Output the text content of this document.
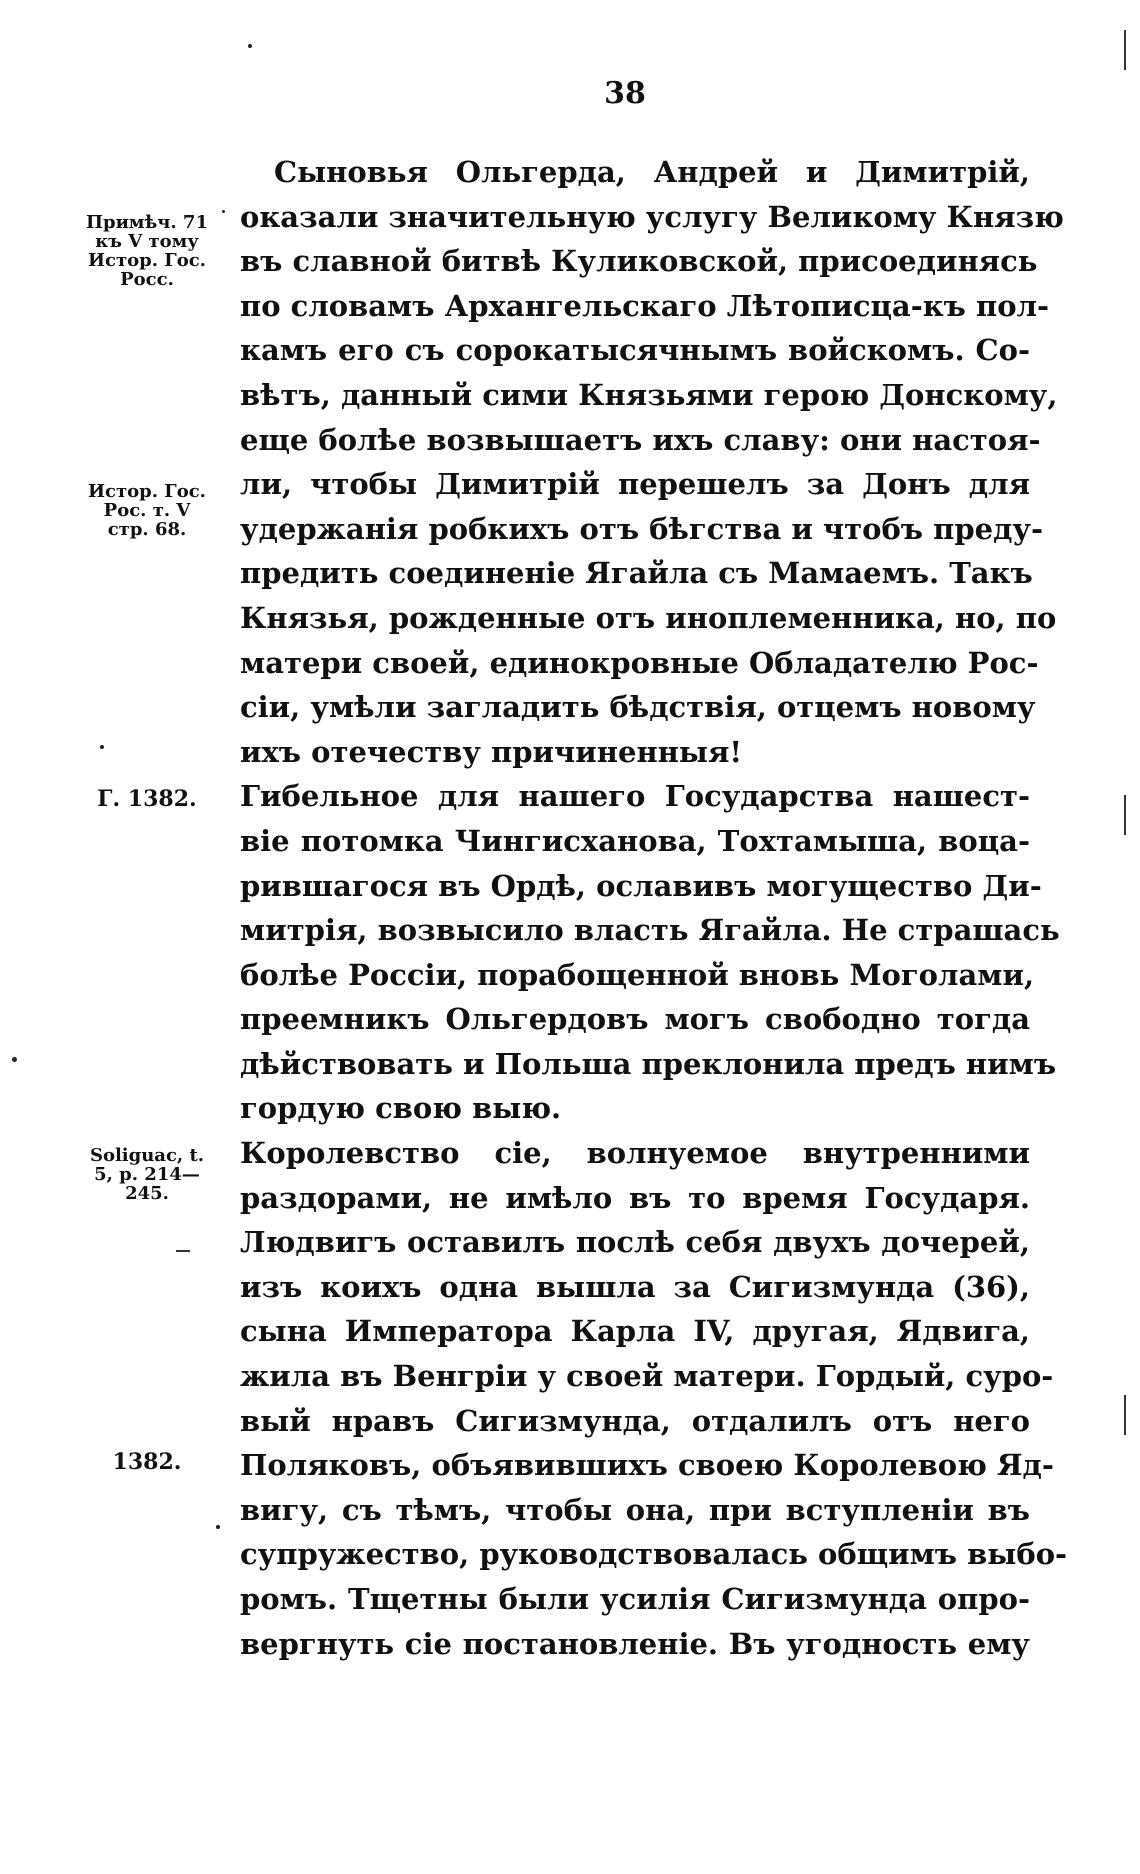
38
Примѣч. 71
къ V тому
Истор. Гос.
Росс.
Истор. Гос.
Рос. т. V
стр. 68.
Г. 1382.
Soliguac, t.
5, p. 214—
245.
1382.
Сыновья Ольгерда, Андрей и Димитрій,
оказали значительную услугу Великому Князю
въ славной битвѣ Куликовской, присоединясь
по словамъ Архангельскаго Лѣтописца-къ пол-
камъ его съ сорокатысячнымъ войскомъ. Со-
вѣтъ, данный сими Князьями герою Донскому,
еще болѣе возвышаетъ ихъ славу: они настоя-
ли, чтобы Димитрій перешелъ за Донъ для
удержанія робкихъ отъ бѣгства и чтобъ преду-
предить соединеніе Ягайла съ Мамаемъ. Такъ
Князья, рожденные отъ иноплеменника, но, по
матери своей, единокровные Обладателю Рос-
сіи, умѣли загладить бѣдствія, отцемъ новому
ихъ отечеству причиненныя!
Гибельное для нашего Государства нашест-
віе потомка Чингисханова, Тохтамыша, воца-
рившагося въ Ордѣ, ославивъ могущество Ди-
митрія, возвысило власть Ягайла. Не страшась
болѣе Россіи, порабощенной вновь Моголами,
преемникъ Ольгердовъ могъ свободно тогда
дѣйствовать и Польша преклонила предъ нимъ
гордую свою выю.
Королевство сіе, волнуемое внутренними
раздорами, не имѣло въ то время Государя.
Людвигъ оставилъ послѣ себя двухъ дочерей,
изъ коихъ одна вышла за Сигизмунда (36),
сына Императора Карла IV, другая, Ядвига,
жила въ Венгріи у своей матери. Гордый, суро-
вый нравъ Сигизмунда, отдалилъ отъ него
Поляковъ, объявившихъ своею Королевою Яд-
вигу, съ тѣмъ, чтобы она, при вступленіи въ
супружество, руководствовалась общимъ выбо-
ромъ. Тщетны были усилія Сигизмунда опро-
вергнуть сіе постановленіе. Въ угодность ему
